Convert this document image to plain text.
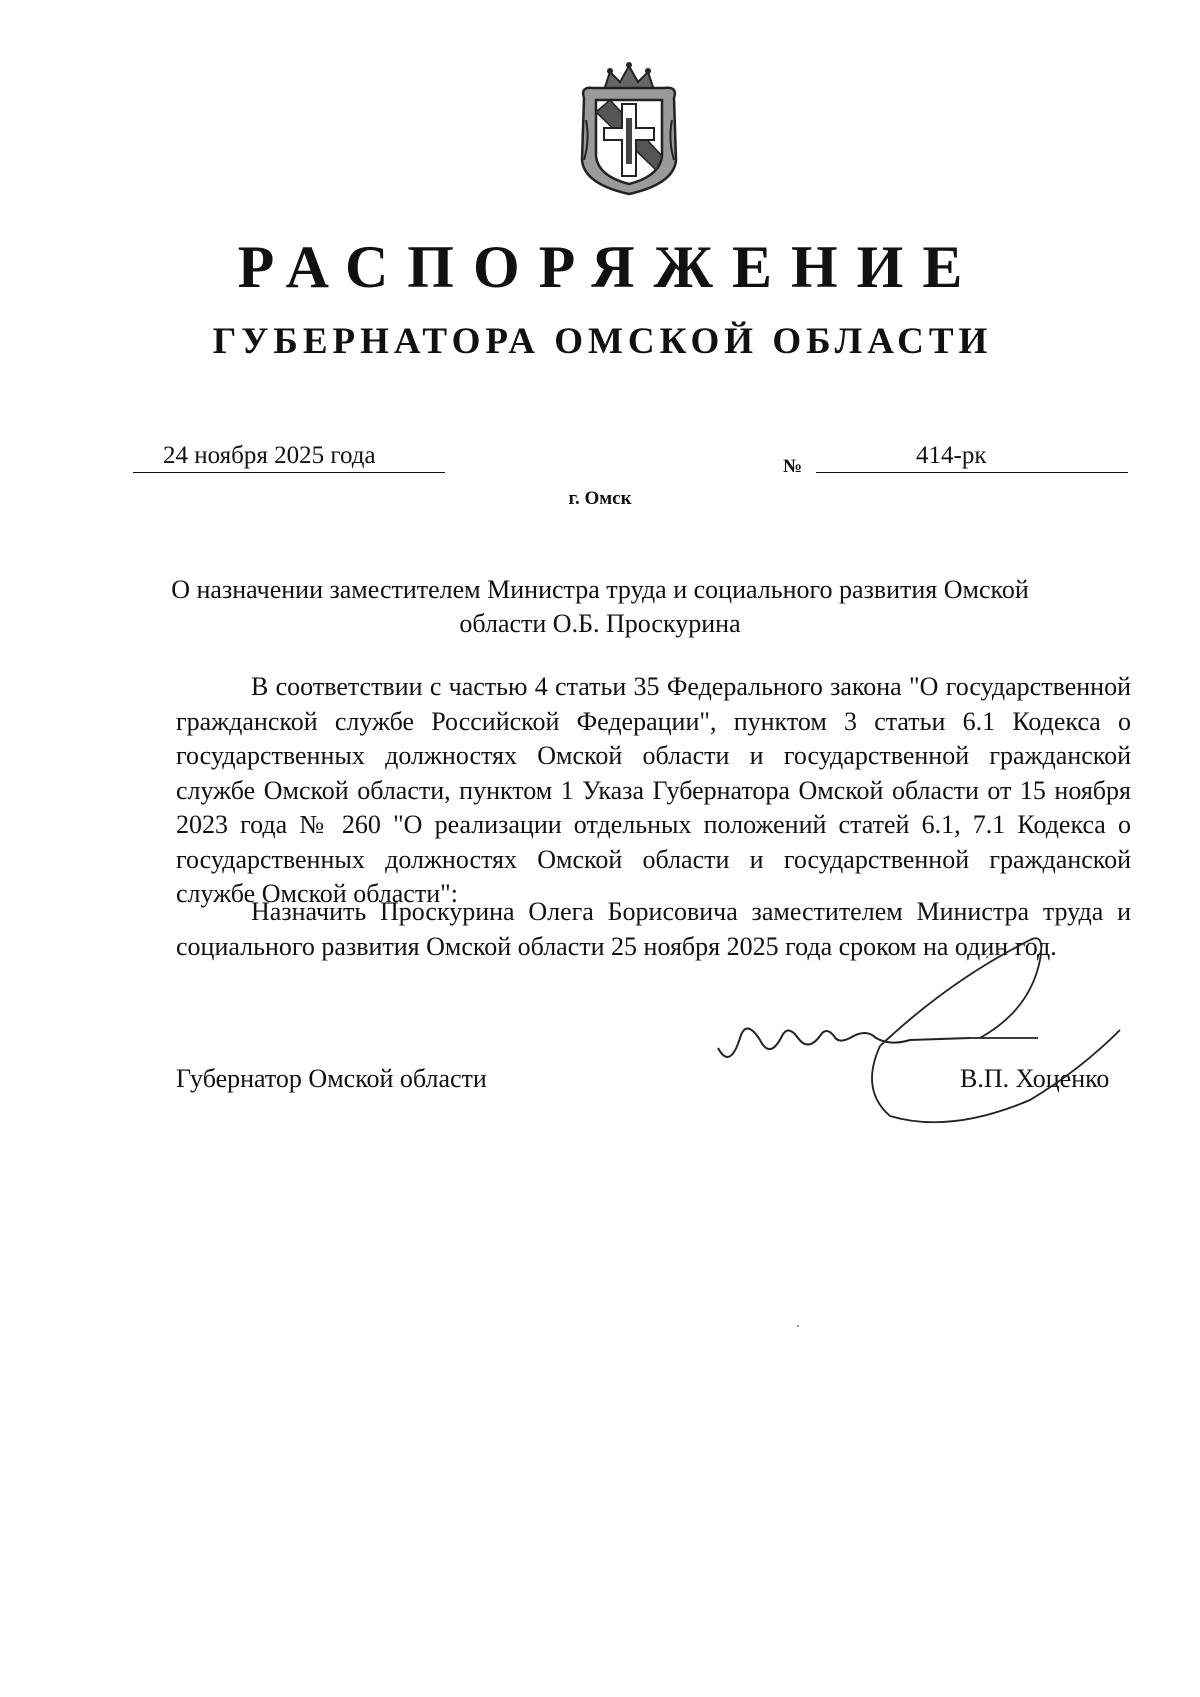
РАСПОРЯЖЕНИЕ
ГУБЕРНАТОРА ОМСКОЙ ОБЛАСТИ
24 ноября 2025 года	№	414-рк
г. Омск
О назначении заместителем Министра труда и социального развития Омской области О.Б. Проскурина

В соответствии с частью 4 статьи 35 Федерального закона "О государственной гражданской службе Российской Федерации", пунктом 3 статьи 6.1 Кодекса о государственных должностях Омской области и государственной гражданской службе Омской области, пунктом 1 Указа Губернатора Омской области от 15 ноября 2023 года № 260 "О реализации отдельных положений статей 6.1, 7.1 Кодекса о государственных должностях Омской области и государственной гражданской службе Омской области":

Назначить Проскурина Олега Борисовича заместителем Министра труда и социального развития Омской области 25 ноября 2025 года сроком на один год.

Губернатор Омской области	В.П. Хоценко
